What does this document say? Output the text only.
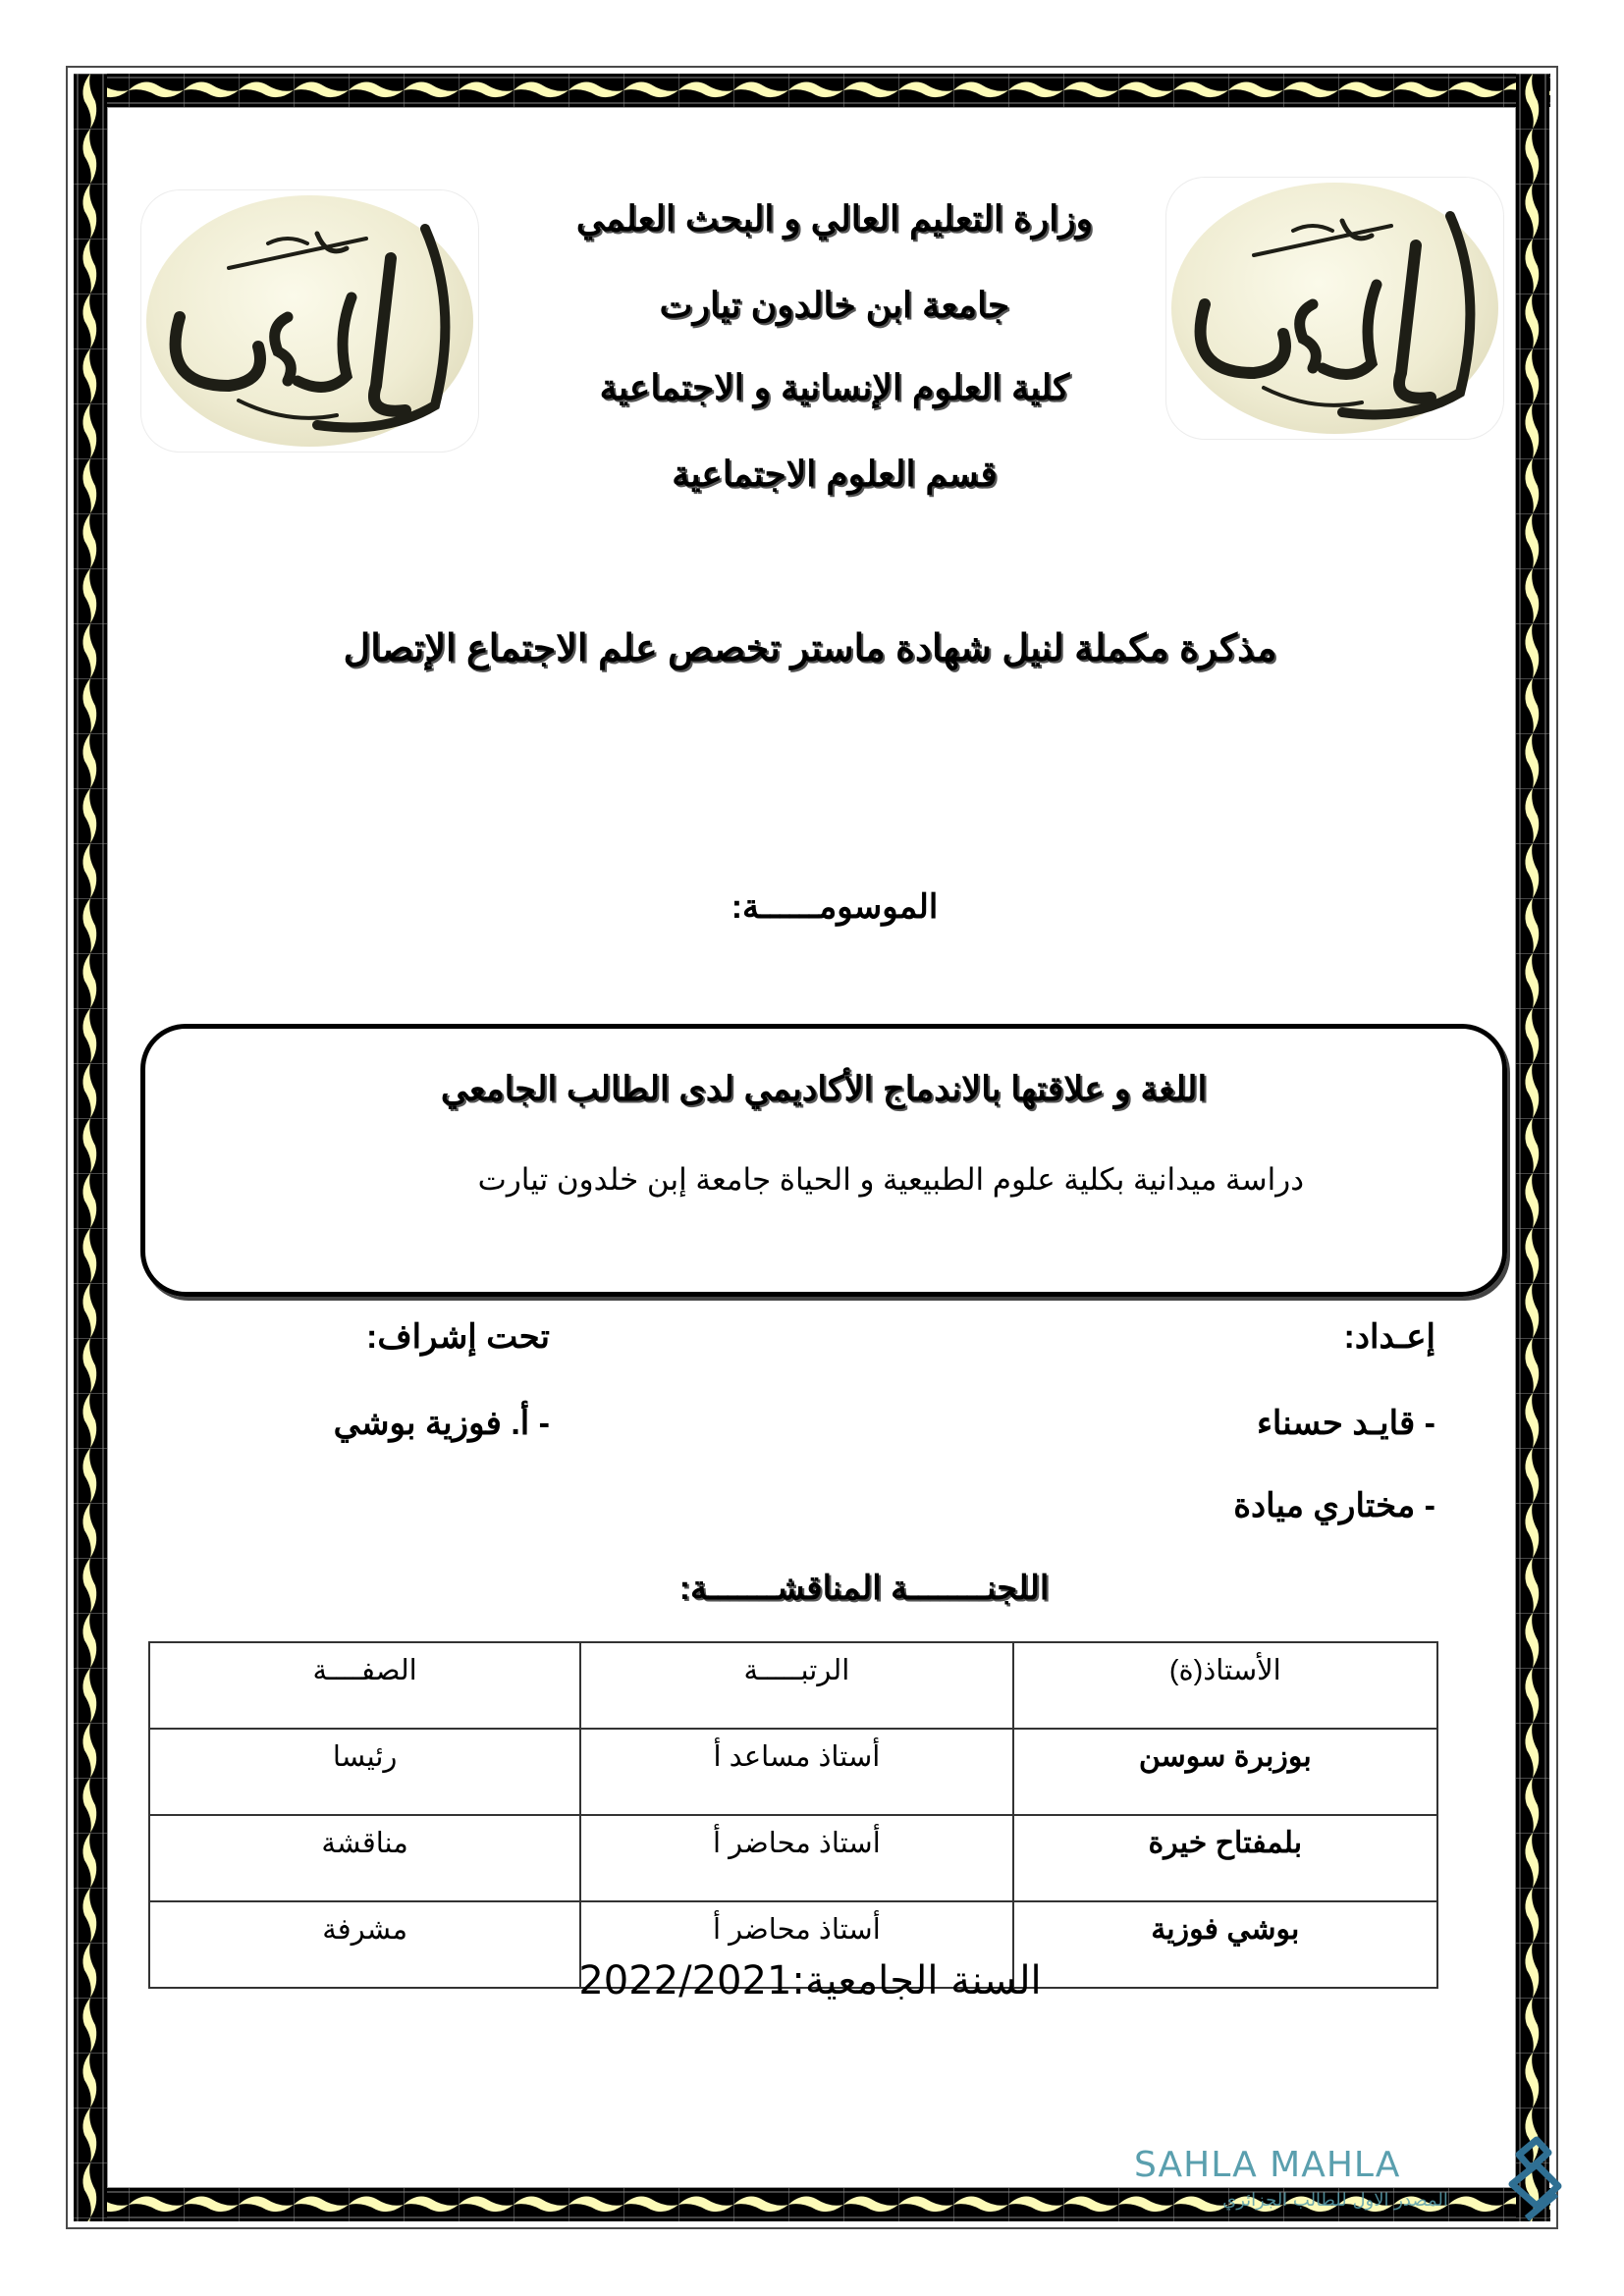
وزارة التعليم العالي و البحث العلمي
جامعة ابن خالدون تيارت
كلية العلوم الإنسانية و الاجتماعية
قسم العلوم الاجتماعية
مذكرة مكملة لنيل شهادة ماستر تخصص علم الاجتماع الإتصال
الموسومــــــة:
اللغة و علاقتها بالاندماج الأكاديمي لدى الطالب الجامعي
دراسة ميدانية بكلية علوم الطبيعية و الحياة جامعة إبن خلدون تيارت
إعـداد:
- قايـد حسناء
- مختاري ميادة
تحت إشراف:
- أ. فوزية بوشي
اللجنــــــــة المناقشـــــــة:
الأستاذ(ة)	الرتبـــــة	الصفــــة
بوزبرة سوسن	أستاذ مساعد أ	رئيسا
بلمفتاح خيرة	أستاذ محاضر أ	مناقشة
بوشي فوزية	أستاذ محاضر أ	مشرفة
السنة الجامعية:2022/2021
SAHLA MAHLA
المصدر الاول للطالب الجزائري
